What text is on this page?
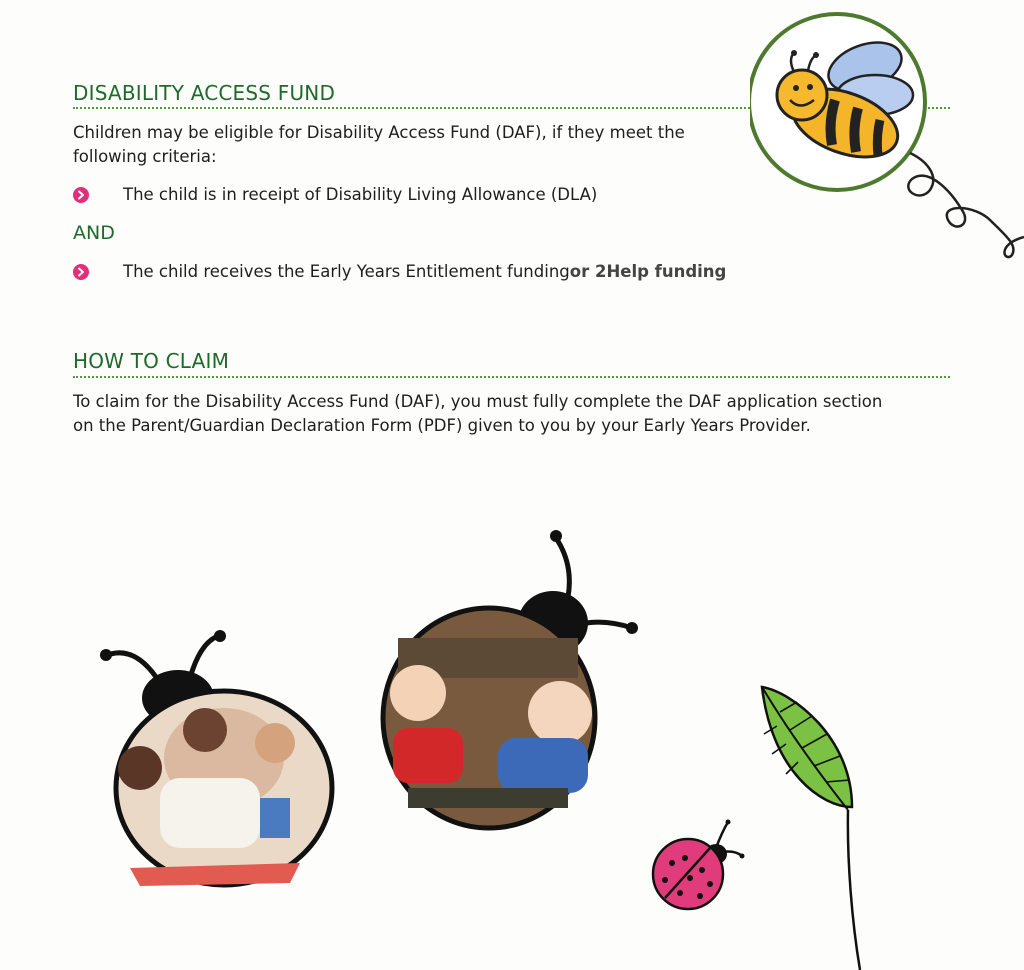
DISABILITY ACCESS FUND

Children may be eligible for Disability Access Fund (DAF), if they meet the
following criteria:

The child is in receipt of Disability Living Allowance (DLA)
AND
The child receives the Early Years Entitlement funding or 2Help funding
HOW TO CLAIM

To claim for the Disability Access Fund (DAF), you must fully complete the DAF application section
on the Parent/Guardian Declaration Form (PDF) given to you by your Early Years Provider.
